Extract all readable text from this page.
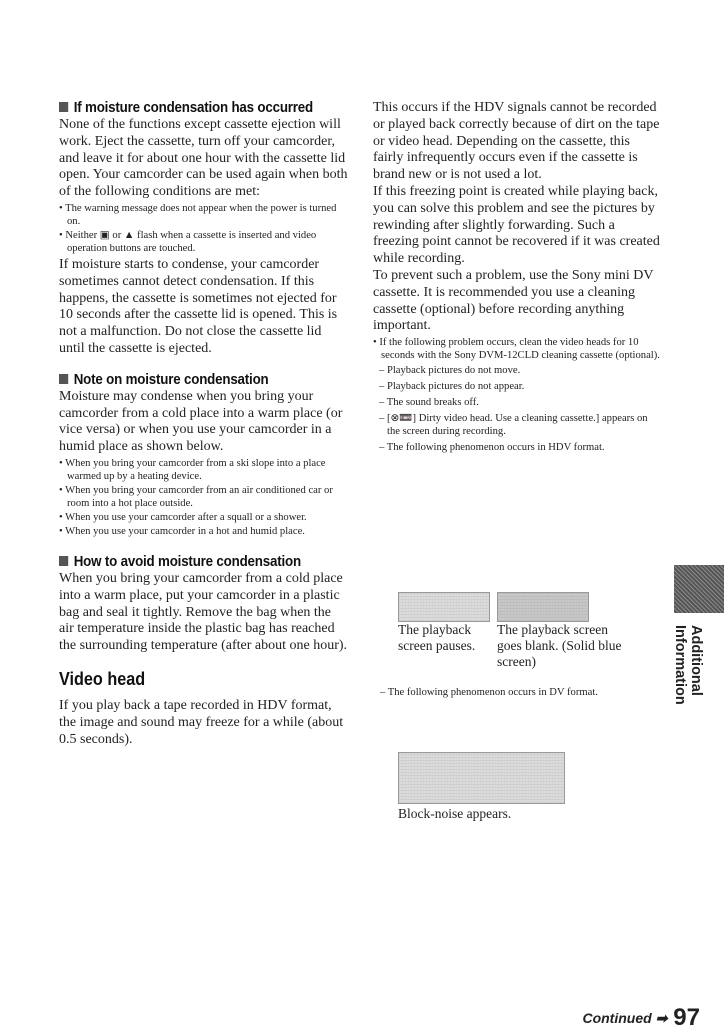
If moisture condensation has occurred

None of the functions except cassette ejection will work. Eject the cassette, turn off your camcorder, and leave it for about one hour with the cassette lid open. Your camcorder can be used again when both of the following conditions are met:

• The warning message does not appear when the power is turned on.
• Neither ▣ or ▲ flash when a cassette is inserted and video operation buttons are touched.

If moisture starts to condense, your camcorder sometimes cannot detect condensation. If this happens, the cassette is sometimes not ejected for 10 seconds after the cassette lid is opened. This is not a malfunction. Do not close the cassette lid until the cassette is ejected.

Note on moisture condensation

Moisture may condense when you bring your camcorder from a cold place into a warm place (or vice versa) or when you use your camcorder in a humid place as shown below.

• When you bring your camcorder from a ski slope into a place warmed up by a heating device.
• When you bring your camcorder from an air conditioned car or room into a hot place outside.
• When you use your camcorder after a squall or a shower.
• When you use your camcorder in a hot and humid place.
How to avoid moisture condensation

When you bring your camcorder from a cold place into a warm place, put your camcorder in a plastic bag and seal it tightly. Remove the bag when the air temperature inside the plastic bag has reached the surrounding temperature (after about one hour).

Video head

If you play back a tape recorded in HDV format, the image and sound may freeze for a while (about 0.5 seconds).

This occurs if the HDV signals cannot be recorded or played back correctly because of dirt on the tape or video head. Depending on the cassette, this fairly infrequently occurs even if the cassette is brand new or is not used a lot.

If this freezing point is created while playing back, you can solve this problem and see the pictures by rewinding after slightly forwarding. Such a freezing point cannot be recovered if it was created while recording.

To prevent such a problem, use the Sony mini DV cassette. It is recommended you use a cleaning cassette (optional) before recording anything important.

• If the following problem occurs, clean the video heads for 10 seconds with the Sony DVM-12CLD cleaning cassette (optional).
– Playback pictures do not move.
– Playback pictures do not appear.
– The sound breaks off.
– [⊗📼] Dirty video head. Use a cleaning cassette.] appears on the screen during recording.
– The following phenomenon occurs in HDV format.
The playback screen pauses.
The playback screen goes blank. (Solid blue screen)
– The following phenomenon occurs in DV format.
Block-noise appears.
Additional Information
Continued ➡ 97
